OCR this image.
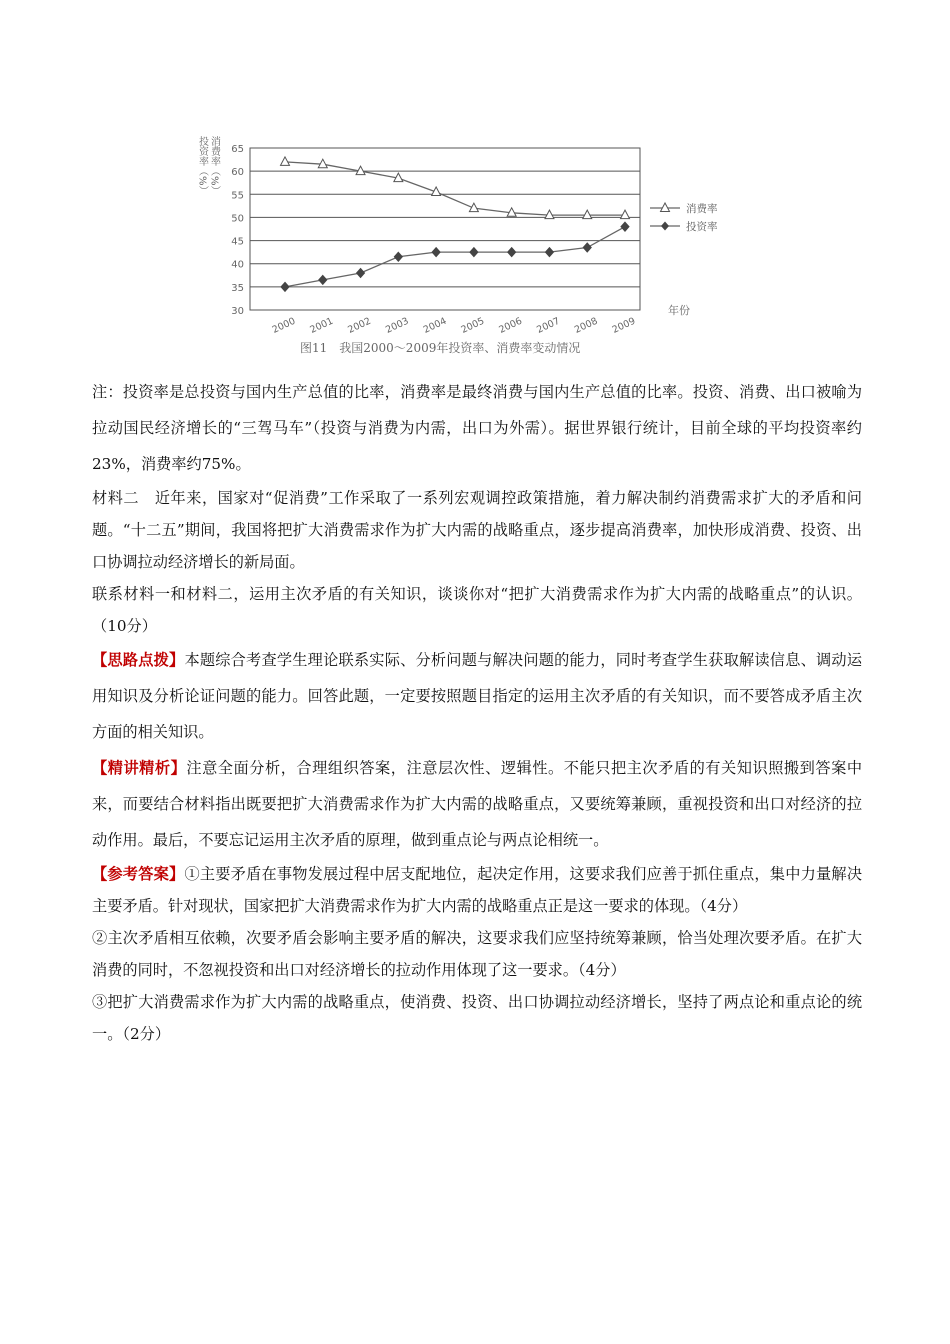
30
35
40
45
50
55
60
65
2000 2001 2002 2003 2004 2005 2006 2007 2008 2009
投资率（%） 消费率（%）
年份
消费率
投资率
图11　我国2000～2009年投资率、消费率变动情况

注：投资率是总投资与国内生产总值的比率，消费率是最终消费与国内生产总值的比率。投资、消费、出口被喻为拉动国民经济增长的“三驾马车”（投资与消费为内需，出口为外需）。据世界银行统计，目前全球的平均投资率约23%，消费率约75%。

材料二　近年来，国家对“促消费”工作采取了一系列宏观调控政策措施，着力解决制约消费需求扩大的矛盾和问题。“十二五”期间，我国将把扩大消费需求作为扩大内需的战略重点，逐步提高消费率，加快形成消费、投资、出口协调拉动经济增长的新局面。

联系材料一和材料二，运用主次矛盾的有关知识，谈谈你对“把扩大消费需求作为扩大内需的战略重点”的认识。（10分）

【思路点拨】本题综合考查学生理论联系实际、分析问题与解决问题的能力，同时考查学生获取解读信息、调动运用知识及分析论证问题的能力。回答此题，一定要按照题目指定的运用主次矛盾的有关知识，而不要答成矛盾主次方面的相关知识。

【精讲精析】注意全面分析，合理组织答案，注意层次性、逻辑性。不能只把主次矛盾的有关知识照搬到答案中来，而要结合材料指出既要把扩大消费需求作为扩大内需的战略重点，又要统筹兼顾，重视投资和出口对经济的拉动作用。最后，不要忘记运用主次矛盾的原理，做到重点论与两点论相统一。

【参考答案】①主要矛盾在事物发展过程中居支配地位，起决定作用，这要求我们应善于抓住重点，集中力量解决主要矛盾。针对现状，国家把扩大消费需求作为扩大内需的战略重点正是这一要求的体现。（4分）

②主次矛盾相互依赖，次要矛盾会影响主要矛盾的解决，这要求我们应坚持统筹兼顾，恰当处理次要矛盾。在扩大消费的同时，不忽视投资和出口对经济增长的拉动作用体现了这一要求。（4分）

③把扩大消费需求作为扩大内需的战略重点，使消费、投资、出口协调拉动经济增长，坚持了两点论和重点论的统一。（2分）
